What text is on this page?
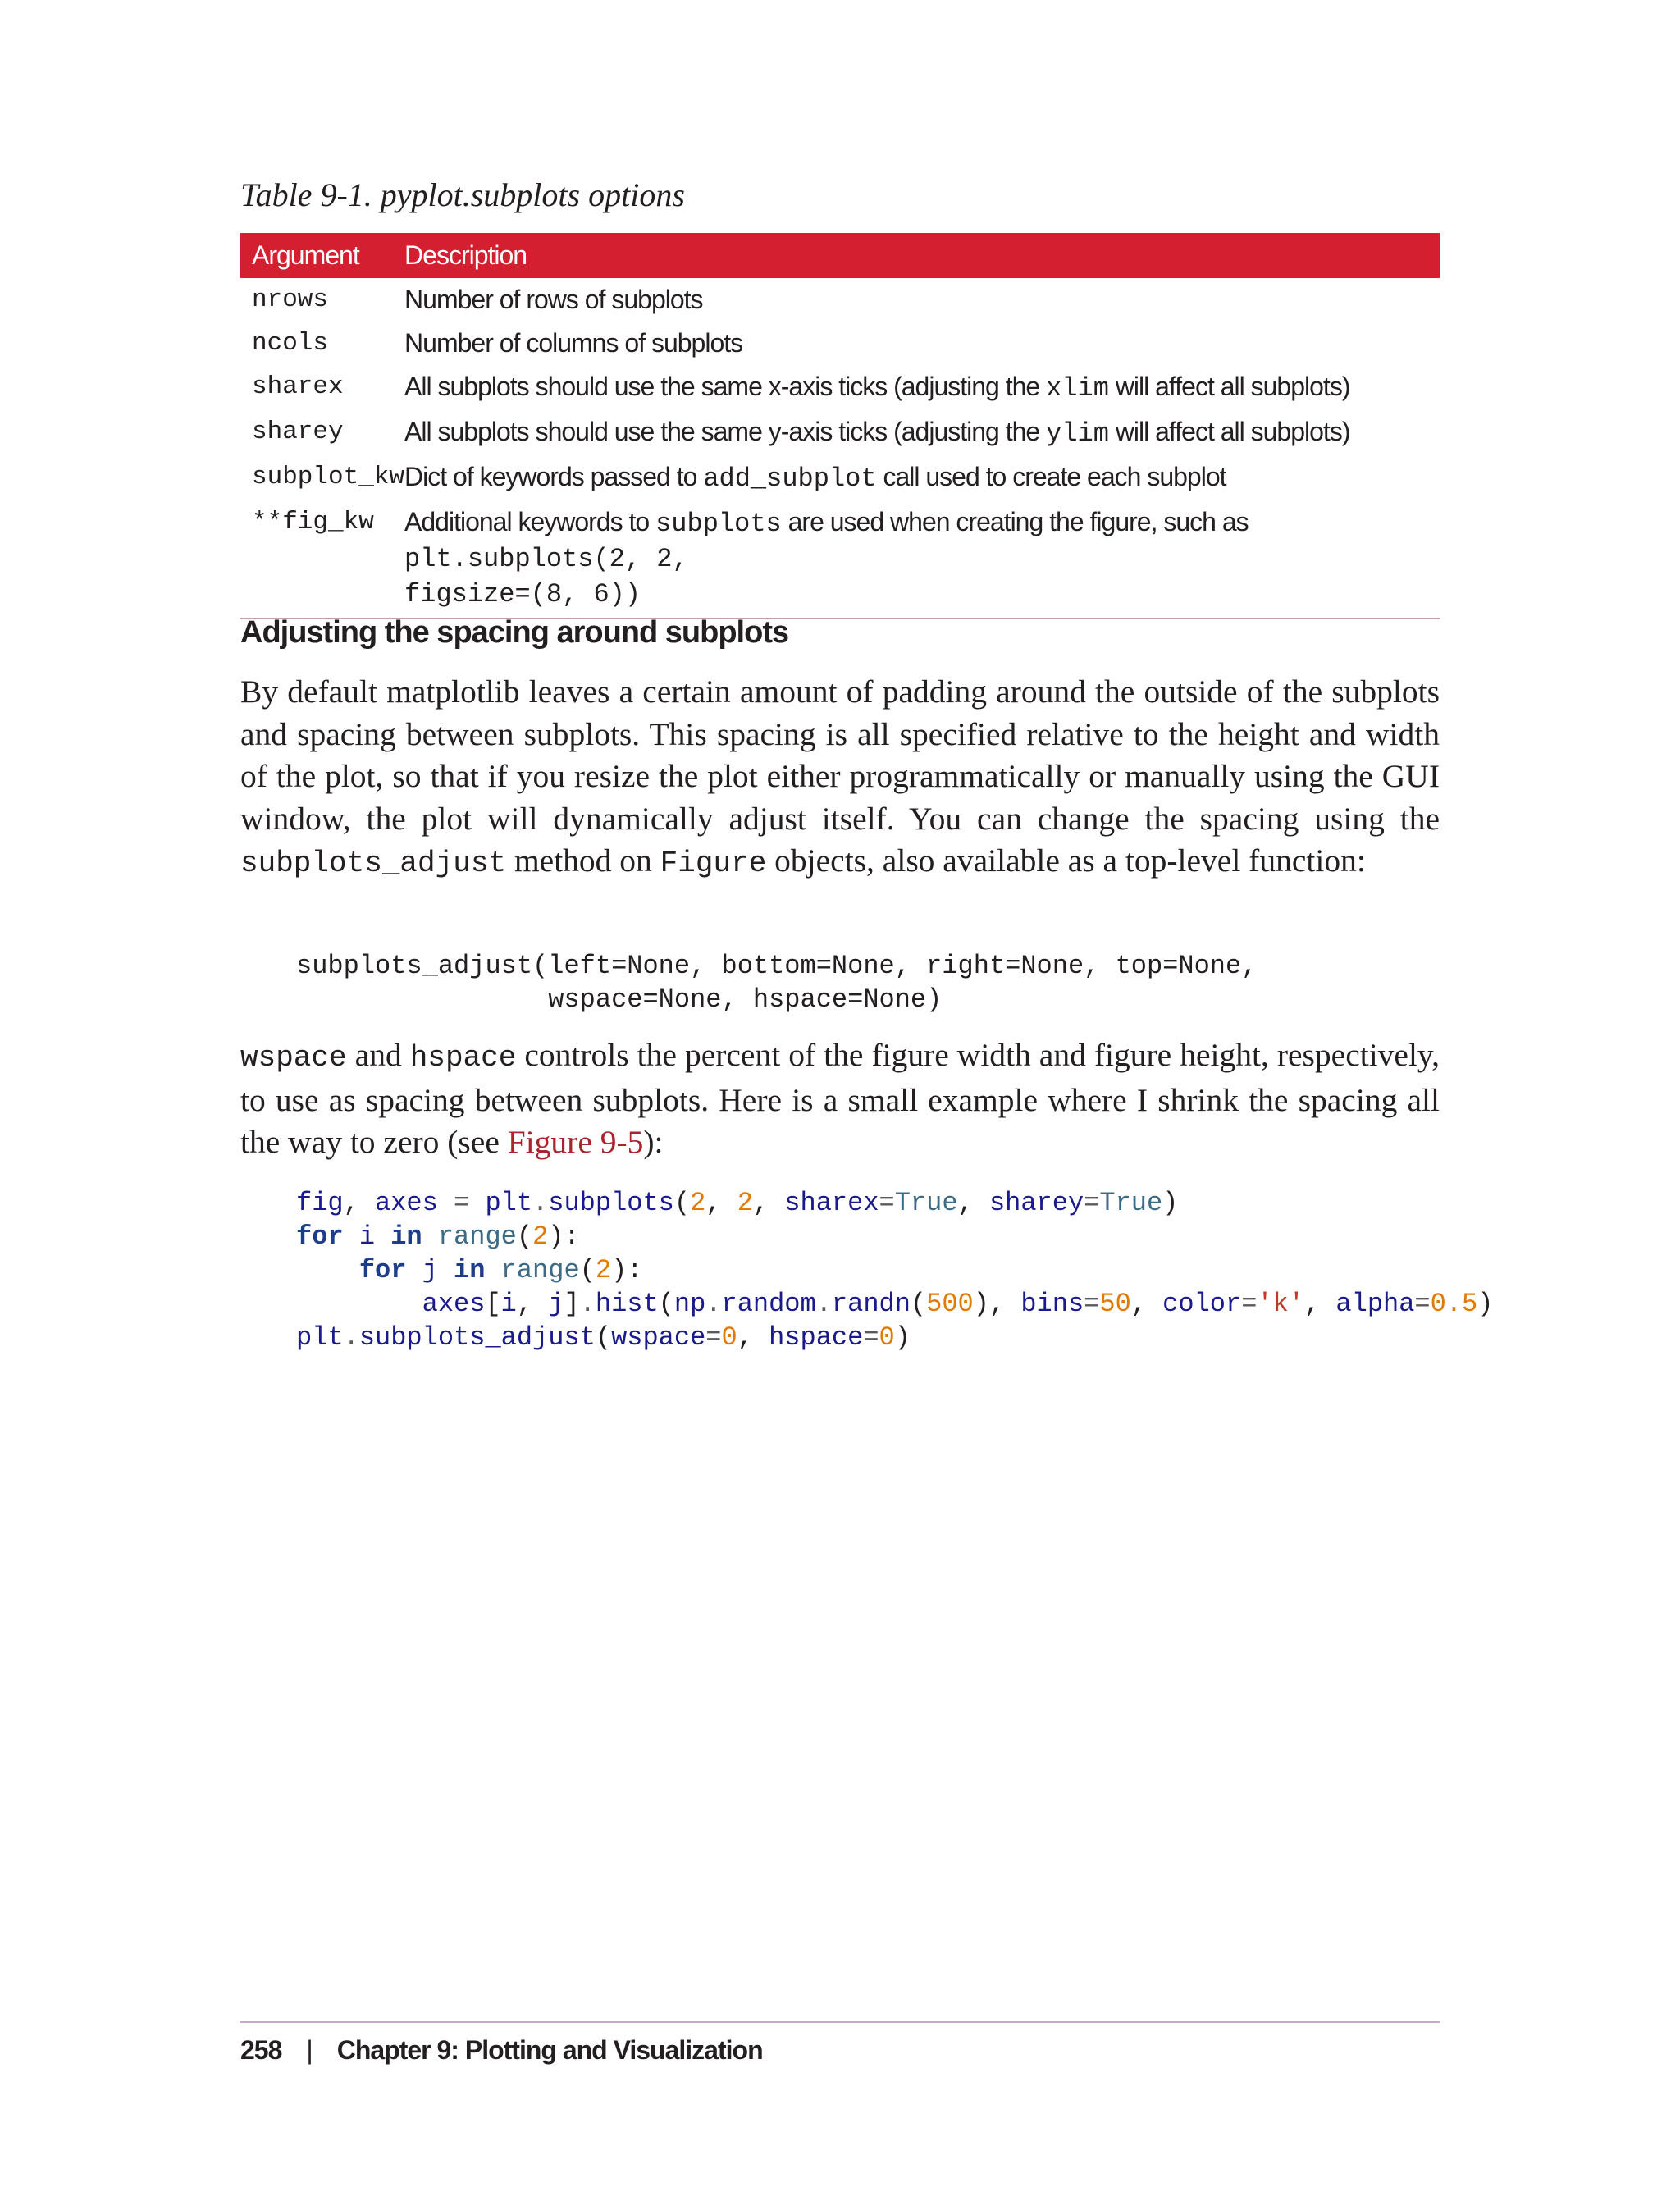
Table 9-1. pyplot.subplots options
Argument	Description
nrows	Number of rows of subplots
ncols	Number of columns of subplots
sharex	All subplots should use the same x-axis ticks (adjusting the xlim will affect all subplots)
sharey	All subplots should use the same y-axis ticks (adjusting the ylim will affect all subplots)
subplot_kw	Dict of keywords passed to add_subplot call used to create each subplot
**fig_kw	Additional keywords to subplots are used when creating the figure, such as plt.subplots(2, 2,
figsize=(8, 6))
Adjusting the spacing around subplots
By default matplotlib leaves a certain amount of padding around the outside of the subplots and spacing between subplots. This spacing is all specified relative to the height and width of the plot, so that if you resize the plot either programmatically or manually using the GUI window, the plot will dynamically adjust itself. You can change the spacing using the subplots_adjust method on Figure objects, also available as a top-level function:
subplots_adjust(left=None, bottom=None, right=None, top=None,
wspace=None, hspace=None)
wspace and hspace controls the percent of the figure width and figure height, respectively, to use as spacing between subplots. Here is a small example where I shrink the spacing all the way to zero (see Figure 9-5):
fig, axes = plt.subplots(2, 2, sharex=True, sharey=True)
for i in range(2):
for j in range(2):
axes[i, j].hist(np.random.randn(500), bins=50, color='k', alpha=0.5)
plt.subplots_adjust(wspace=0, hspace=0)
258 | Chapter 9: Plotting and Visualization
